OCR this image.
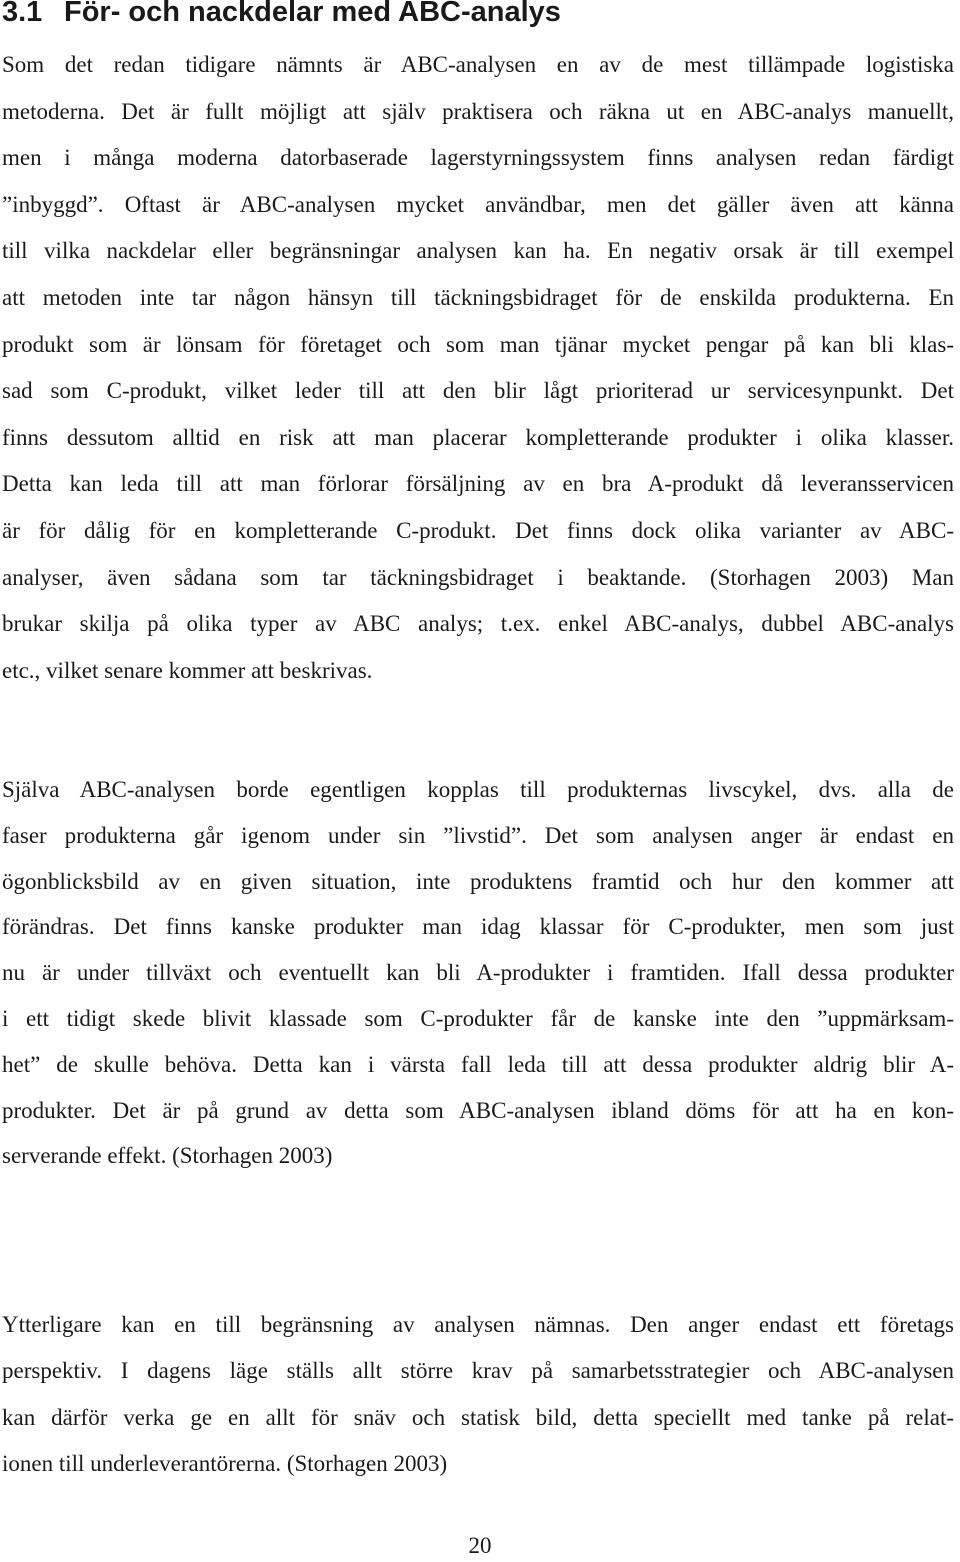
3.1 För- och nackdelar med ABC-analys

Som det redan tidigare nämnts är ABC-analysen en av de mest tillämpade logistiska
metoderna. Det är fullt möjligt att själv praktisera och räkna ut en ABC-analys manuellt,
men i många moderna datorbaserade lagerstyrningssystem finns analysen redan färdigt
”inbyggd”. Oftast är ABC-analysen mycket användbar, men det gäller även att känna
till vilka nackdelar eller begränsningar analysen kan ha. En negativ orsak är till exempel
att metoden inte tar någon hänsyn till täckningsbidraget för de enskilda produkterna. En
produkt som är lönsam för företaget och som man tjänar mycket pengar på kan bli klas-
sad som C-produkt, vilket leder till att den blir lågt prioriterad ur servicesynpunkt. Det
finns dessutom alltid en risk att man placerar kompletterande produkter i olika klasser.
Detta kan leda till att man förlorar försäljning av en bra A-produkt då leveransservicen
är för dålig för en kompletterande C-produkt. Det finns dock olika varianter av ABC-
analyser, även sådana som tar täckningsbidraget i beaktande. (Storhagen 2003) Man
brukar skilja på olika typer av ABC analys; t.ex. enkel ABC-analys, dubbel ABC-analys
etc., vilket senare kommer att beskrivas.

Själva ABC-analysen borde egentligen kopplas till produkternas livscykel, dvs. alla de
faser produkterna går igenom under sin ”livstid”. Det som analysen anger är endast en
ögonblicksbild av en given situation, inte produktens framtid och hur den kommer att
förändras. Det finns kanske produkter man idag klassar för C-produkter, men som just
nu är under tillväxt och eventuellt kan bli A-produkter i framtiden. Ifall dessa produkter
i ett tidigt skede blivit klassade som C-produkter får de kanske inte den ”uppmärksam-
het” de skulle behöva. Detta kan i värsta fall leda till att dessa produkter aldrig blir A-
produkter. Det är på grund av detta som ABC-analysen ibland döms för att ha en kon-
serverande effekt. (Storhagen 2003)

Ytterligare kan en till begränsning av analysen nämnas. Den anger endast ett företags
perspektiv. I dagens läge ställs allt större krav på samarbetsstrategier och ABC-analysen
kan därför verka ge en allt för snäv och statisk bild, detta speciellt med tanke på relat-
ionen till underleverantörerna. (Storhagen 2003)

20
